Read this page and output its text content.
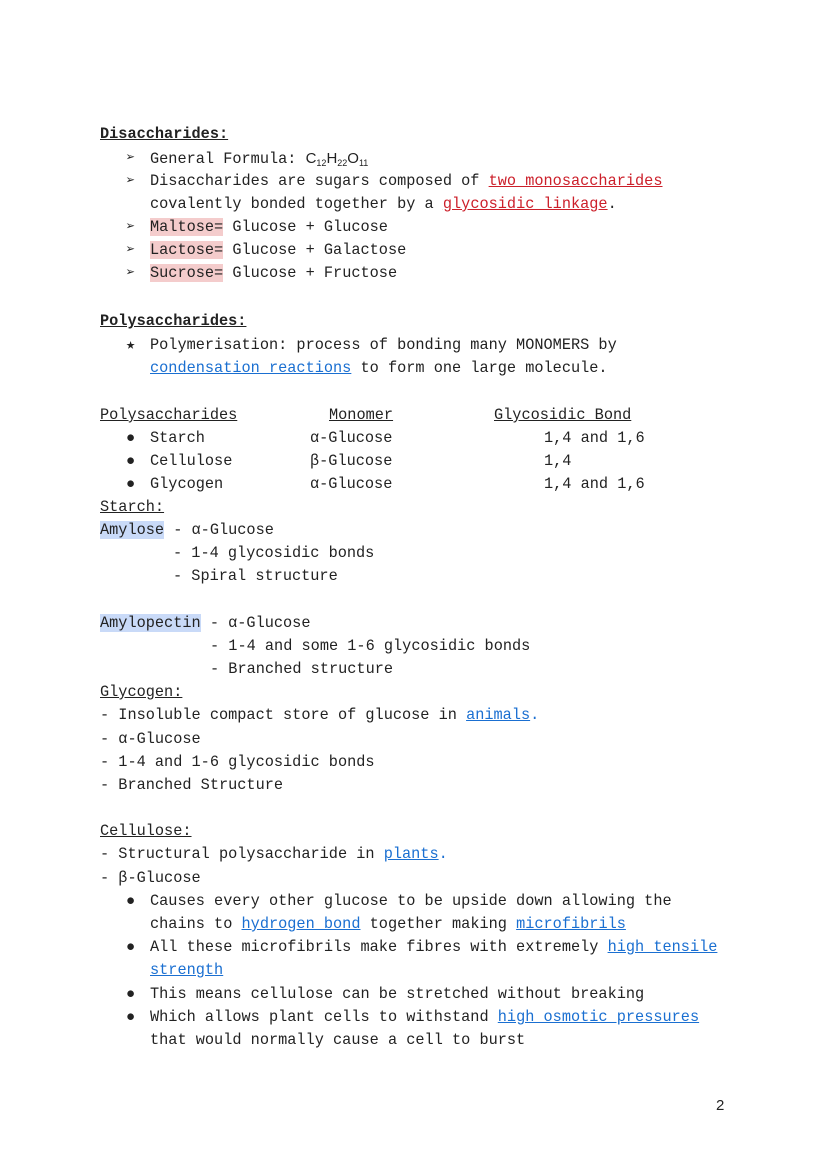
Disaccharides:
➢ General Formula: $C_{12}H_{22}O_{11}$
➢ Disaccharides are sugars composed of two monosaccharides
covalently bonded together by a glycosidic linkage.
➢ Maltose= Glucose + Glucose
➢ Lactose= Glucose + Galactose
➢ Sucrose= Glucose + Fructose
Polysaccharides:
★ Polymerisation: process of bonding many MONOMERS by
condensation reactions to form one large molecule.
Polysaccharides	Monomer	Glycosidic Bond
● Starch	α-Glucose	1,4 and 1,6
● Cellulose	β-Glucose	1,4
● Glycogen	α-Glucose	1,4 and 1,6
Starch:
Amylose - α-Glucose
- 1-4 glycosidic bonds
- Spiral structure
Amylopectin - α-Glucose
- 1-4 and some 1-6 glycosidic bonds
- Branched structure
Glycogen:
- Insoluble compact store of glucose in animals.
- α-Glucose
- 1-4 and 1-6 glycosidic bonds
- Branched Structure
Cellulose:
- Structural polysaccharide in plants.
- β-Glucose
● Causes every other glucose to be upside down allowing the
chains to hydrogen bond together making microfibrils
● All these microfibrils make fibres with extremely high tensile
strength
● This means cellulose can be stretched without breaking
● Which allows plant cells to withstand high osmotic pressures
that would normally cause a cell to burst
2
